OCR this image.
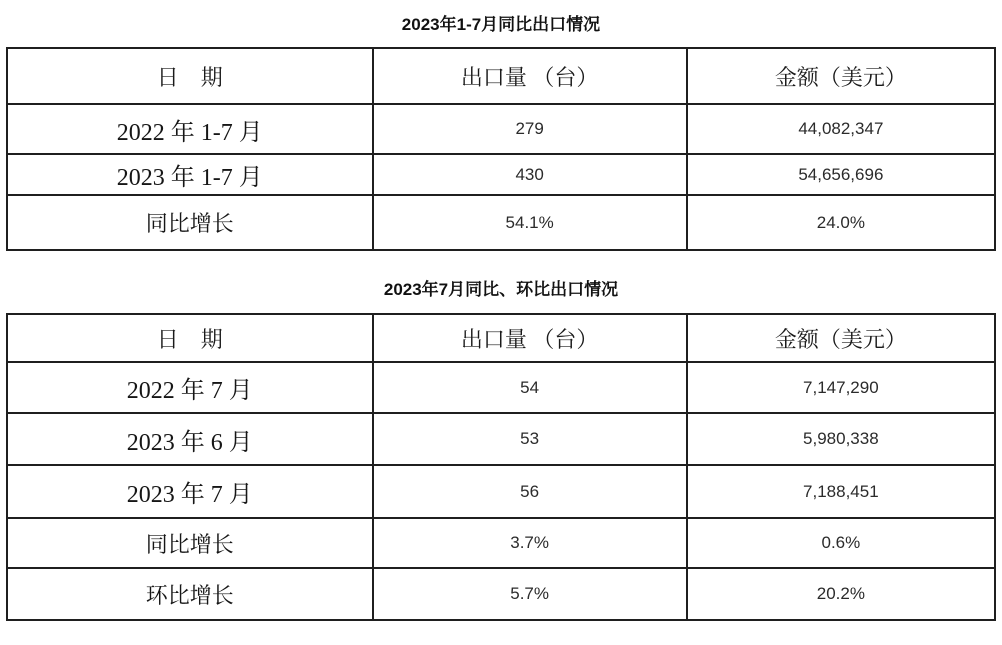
2023年1-7月同比出口情况
日　期	出口量 （台）	金额（美元）
2022 年 1-7 月	279	44,082,347
2023 年 1-7 月	430	54,656,696
同比增长	54.1%	24.0%
2023年7月同比、环比出口情况
日　期	出口量 （台）	金额（美元）
2022 年 7 月	54	7,147,290
2023 年 6 月	53	5,980,338
2023 年 7 月	56	7,188,451
同比增长	3.7%	0.6%
环比增长	5.7%	20.2%
